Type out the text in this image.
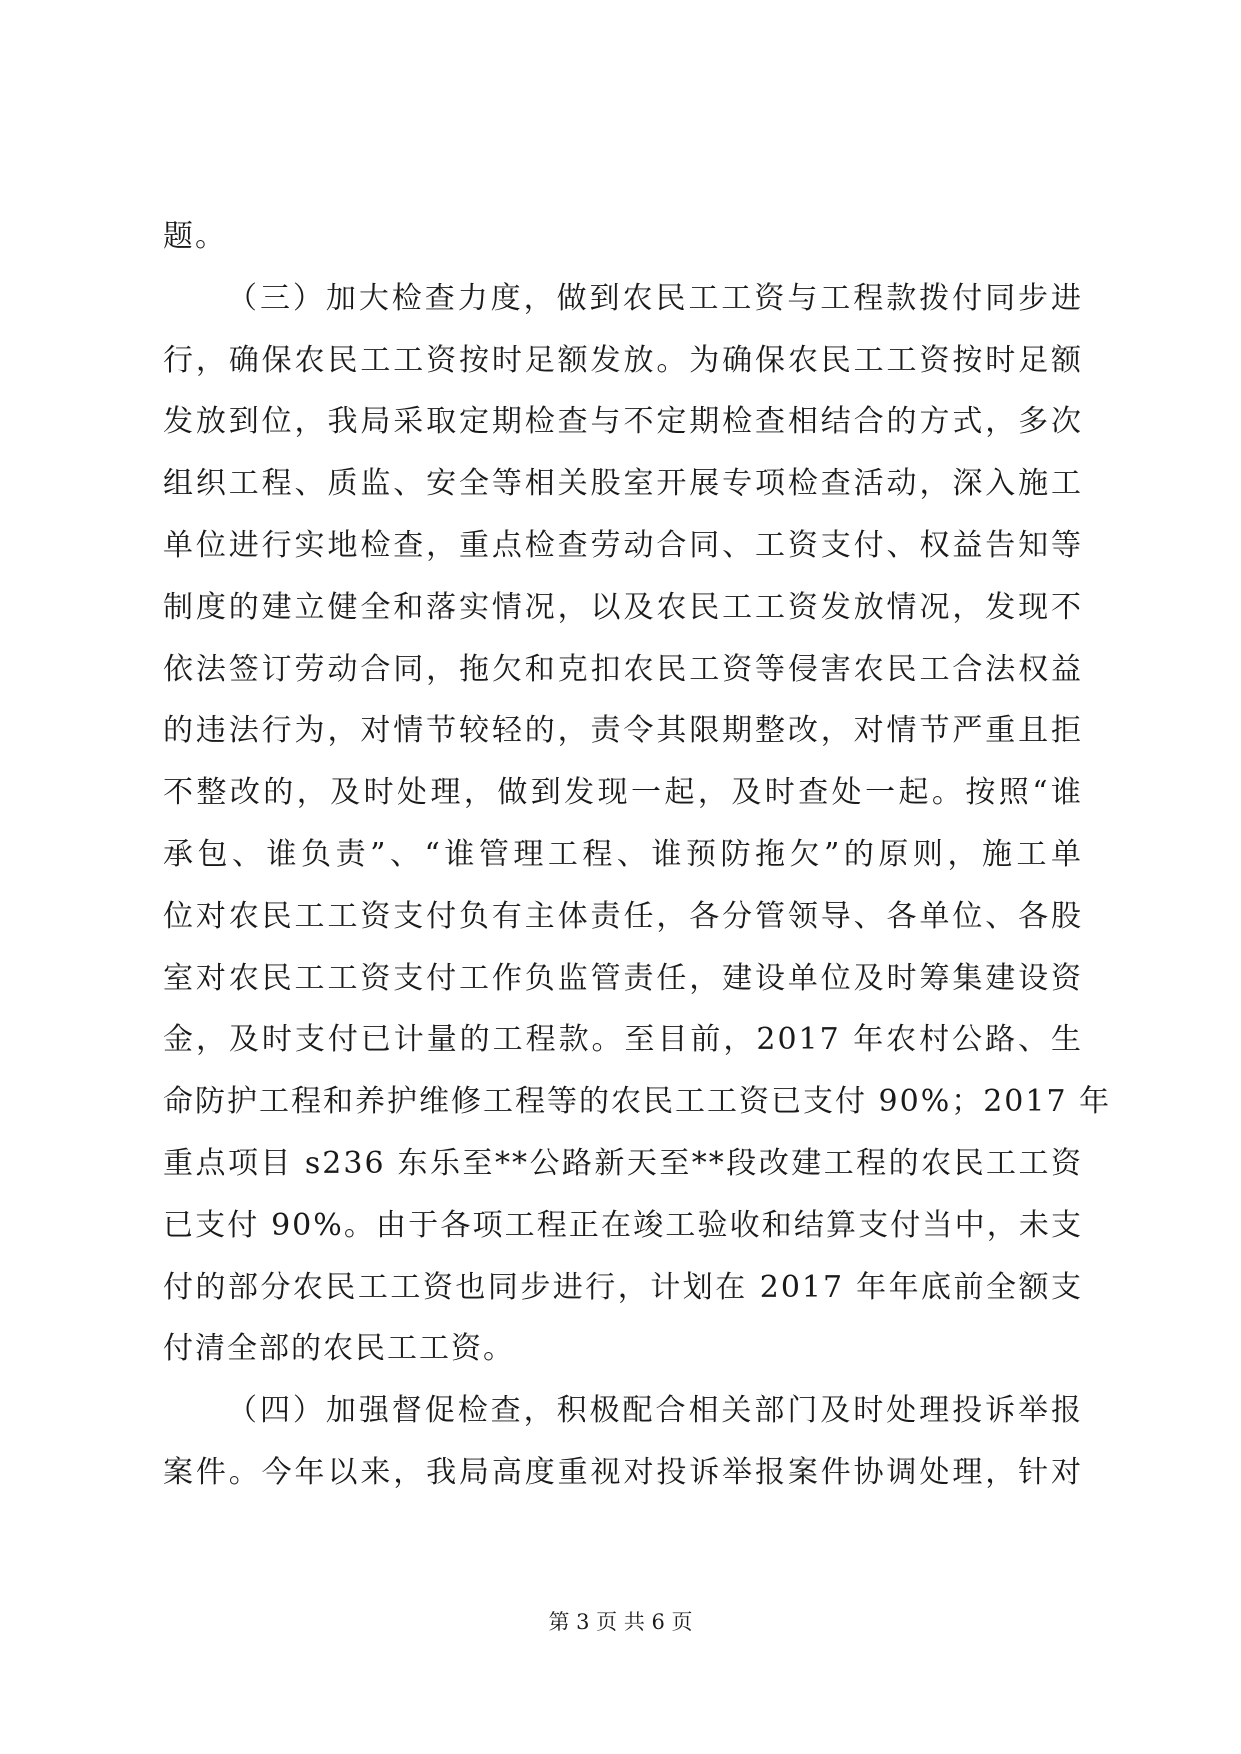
题。
（三）加大检查力度，做到农民工工资与工程款拨付同步进
行，确保农民工工资按时足额发放。为确保农民工工资按时足额
发放到位，我局采取定期检查与不定期检查相结合的方式，多次
组织工程、质监、安全等相关股室开展专项检查活动，深入施工
单位进行实地检查，重点检查劳动合同、工资支付、权益告知等
制度的建立健全和落实情况，以及农民工工资发放情况，发现不
依法签订劳动合同，拖欠和克扣农民工资等侵害农民工合法权益
的违法行为，对情节较轻的，责令其限期整改，对情节严重且拒
不整改的，及时处理，做到发现一起，及时查处一起。按照“谁
承包、谁负责”、“谁管理工程、谁预防拖欠”的原则，施工单
位对农民工工资支付负有主体责任，各分管领导、各单位、各股
室对农民工工资支付工作负监管责任，建设单位及时筹集建设资
金，及时支付已计量的工程款。至目前，2017 年农村公路、生
命防护工程和养护维修工程等的农民工工资已支付 90%；2017 年
重点项目 s236 东乐至**公路新天至**段改建工程的农民工工资
已支付 90%。由于各项工程正在竣工验收和结算支付当中，未支
付的部分农民工工资也同步进行，计划在 2017 年年底前全额支
付清全部的农民工工资。
（四）加强督促检查，积极配合相关部门及时处理投诉举报
案件。今年以来，我局高度重视对投诉举报案件协调处理，针对
第 3 页 共 6 页
